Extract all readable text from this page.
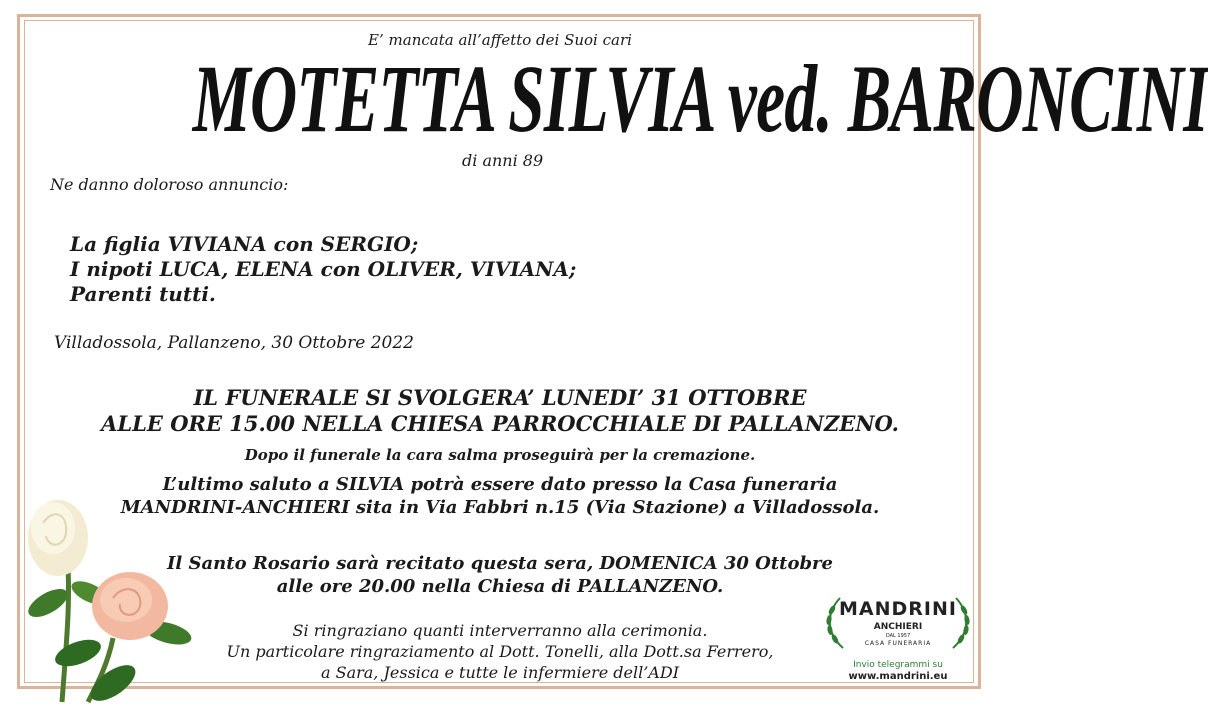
E’ mancata all’affetto dei Suoi cari
MOTETTA SILVIA ved. BARONCINI
di anni 89
Ne danno doloroso annuncio:
La figlia VIVIANA con SERGIO;
I nipoti LUCA, ELENA con OLIVER, VIVIANA;
Parenti tutti.
Villadossola, Pallanzeno, 30 Ottobre 2022
IL FUNERALE SI SVOLGERA’ LUNEDI’ 31 OTTOBRE
ALLE ORE 15.00 NELLA CHIESA PARROCCHIALE DI PALLANZENO.
Dopo il funerale la cara salma proseguirà per la cremazione.
L’ultimo saluto a SILVIA potrà essere dato presso la Casa funeraria
MANDRINI-ANCHIERI sita in Via Fabbri n.15 (Via Stazione) a Villadossola.
Il Santo Rosario sarà recitato questa sera, DOMENICA 30 Ottobre
alle ore 20.00 nella Chiesa di PALLANZENO.
Si ringraziano quanti interverranno alla cerimonia.
Un particolare ringraziamento al Dott. Tonelli, alla Dott.sa Ferrero,
a Sara, Jessica e tutte le infermiere dell’ADI
MANDRINI
ANCHIERI
DAL 1957
CASA FUNERARIA
Invio telegrammi su
www.mandrini.eu
